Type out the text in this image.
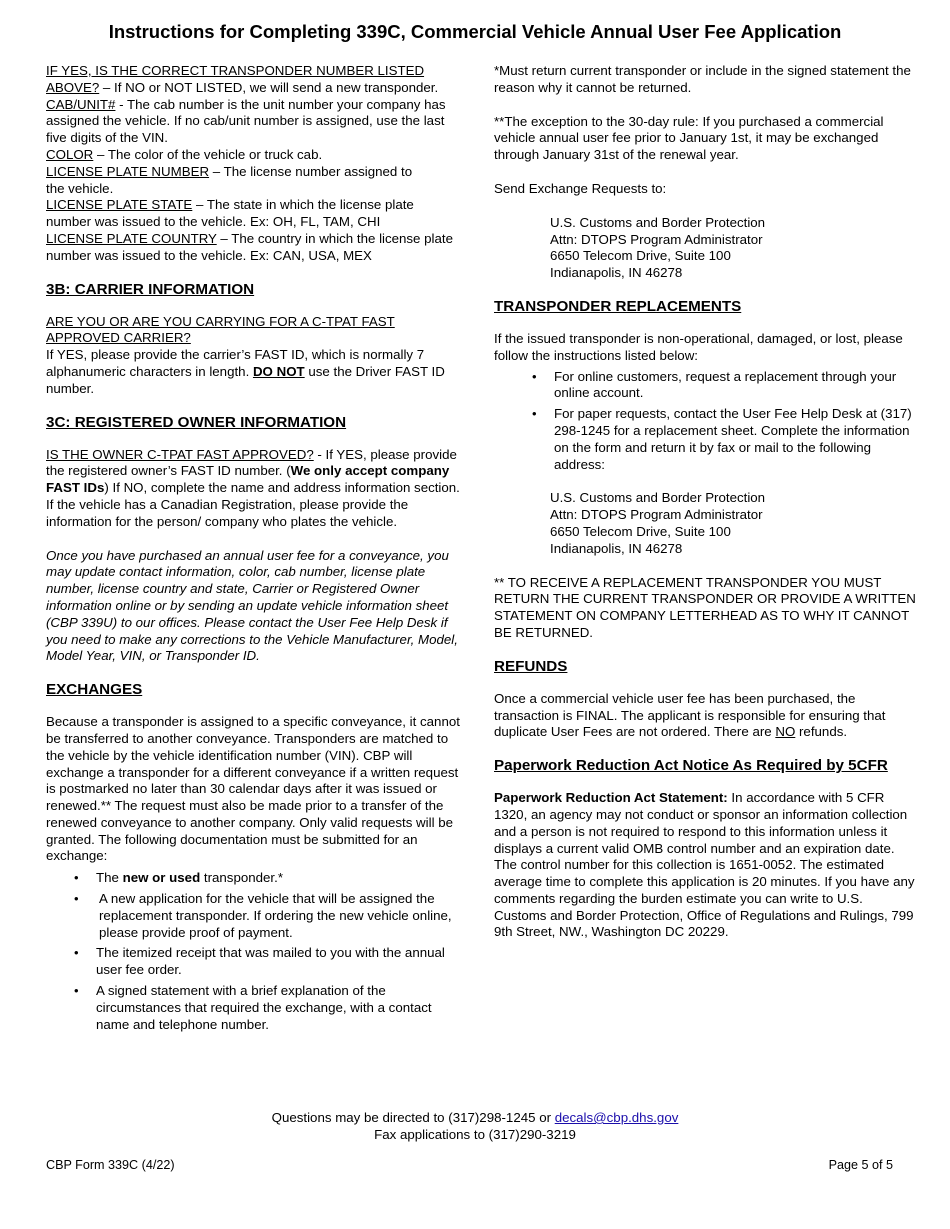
Instructions for Completing 339C, Commercial Vehicle Annual User Fee Application

IF YES, IS THE CORRECT TRANSPONDER NUMBER LISTED ABOVE? – If NO or NOT LISTED, we will send a new transponder.

CAB/UNIT# - The cab number is the unit number your company has assigned the vehicle. If no cab/unit number is assigned, use the last five digits of the VIN.

COLOR – The color of the vehicle or truck cab.

LICENSE PLATE NUMBER – The license number assigned to the vehicle.

LICENSE PLATE STATE – The state in which the license plate number was issued to the vehicle. Ex: OH, FL, TAM, CHI

LICENSE PLATE COUNTRY – The country in which the license plate number was issued to the vehicle. Ex: CAN, USA, MEX

3B: CARRIER INFORMATION

ARE YOU OR ARE YOU CARRYING FOR A C-TPAT FAST APPROVED CARRIER?

If YES, please provide the carrier’s FAST ID, which is normally 7 alphanumeric characters in length. DO NOT use the Driver FAST ID number.

3C: REGISTERED OWNER INFORMATION

IS THE OWNER C-TPAT FAST APPROVED? - If YES, please provide the registered owner’s FAST ID number. (We only accept company FAST IDs) If NO, complete the name and address information section. If the vehicle has a Canadian Registration, please provide the information for the person/ company who plates the vehicle.

Once you have purchased an annual user fee for a conveyance, you may update contact information, color, cab number, license plate number, license country and state, Carrier or Registered Owner information online or by sending an update vehicle information sheet (CBP 339U) to our offices. Please contact the User Fee Help Desk if you need to make any corrections to the Vehicle Manufacturer, Model, Model Year, VIN, or Transponder ID.

EXCHANGES

Because a transponder is assigned to a specific conveyance, it cannot be transferred to another conveyance. Transponders are matched to the vehicle by the vehicle identification number (VIN). CBP will exchange a transponder for a different conveyance if a written request is postmarked no later than 30 calendar days after it was issued or renewed.** The request must also be made prior to a transfer of the renewed conveyance to another company. Only valid requests will be granted. The following documentation must be submitted for an exchange:

• The new or used transponder.*
• A new application for the vehicle that will be assigned the replacement transponder. If ordering the new vehicle online, please provide proof of payment.
• The itemized receipt that was mailed to you with the annual user fee order.
• A signed statement with a brief explanation of the circumstances that required the exchange, with a contact name and telephone number.

*Must return current transponder or include in the signed statement the reason why it cannot be returned.

**The exception to the 30-day rule: If you purchased a commercial vehicle annual user fee prior to January 1st, it may be exchanged through January 31st of the renewal year.

Send Exchange Requests to:

U.S. Customs and Border Protection

Attn: DTOPS Program Administrator

6650 Telecom Drive, Suite 100

Indianapolis, IN 46278

TRANSPONDER REPLACEMENTS

If the issued transponder is non-operational, damaged, or lost, please follow the instructions listed below:

• For online customers, request a replacement through your online account.
• For paper requests, contact the User Fee Help Desk at (317) 298-1245 for a replacement sheet. Complete the information on the form and return it by fax or mail to the following address:

U.S. Customs and Border Protection

Attn: DTOPS Program Administrator

6650 Telecom Drive, Suite 100

Indianapolis, IN 46278

** TO RECEIVE A REPLACEMENT TRANSPONDER YOU MUST RETURN THE CURRENT TRANSPONDER OR PROVIDE A WRITTEN STATEMENT ON COMPANY LETTERHEAD AS TO WHY IT CANNOT BE RETURNED.

REFUNDS

Once a commercial vehicle user fee has been purchased, the transaction is FINAL. The applicant is responsible for ensuring that duplicate User Fees are not ordered. There are NO refunds.

Paperwork Reduction Act Notice As Required by 5CFR

Paperwork Reduction Act Statement: In accordance with 5 CFR 1320, an agency may not conduct or sponsor an information collection and a person is not required to respond to this information unless it displays a current valid OMB control number and an expiration date. The control number for this collection is 1651-0052. The estimated average time to complete this application is 20 minutes. If you have any comments regarding the burden estimate you can write to U.S. Customs and Border Protection, Office of Regulations and Rulings, 799 9th Street, NW., Washington DC 20229.

Questions may be directed to (317)298-1245 or decals@cbp.dhs.gov
Fax applications to (317)290-3219
CBP Form 339C (4/22)	Page 5 of 5
